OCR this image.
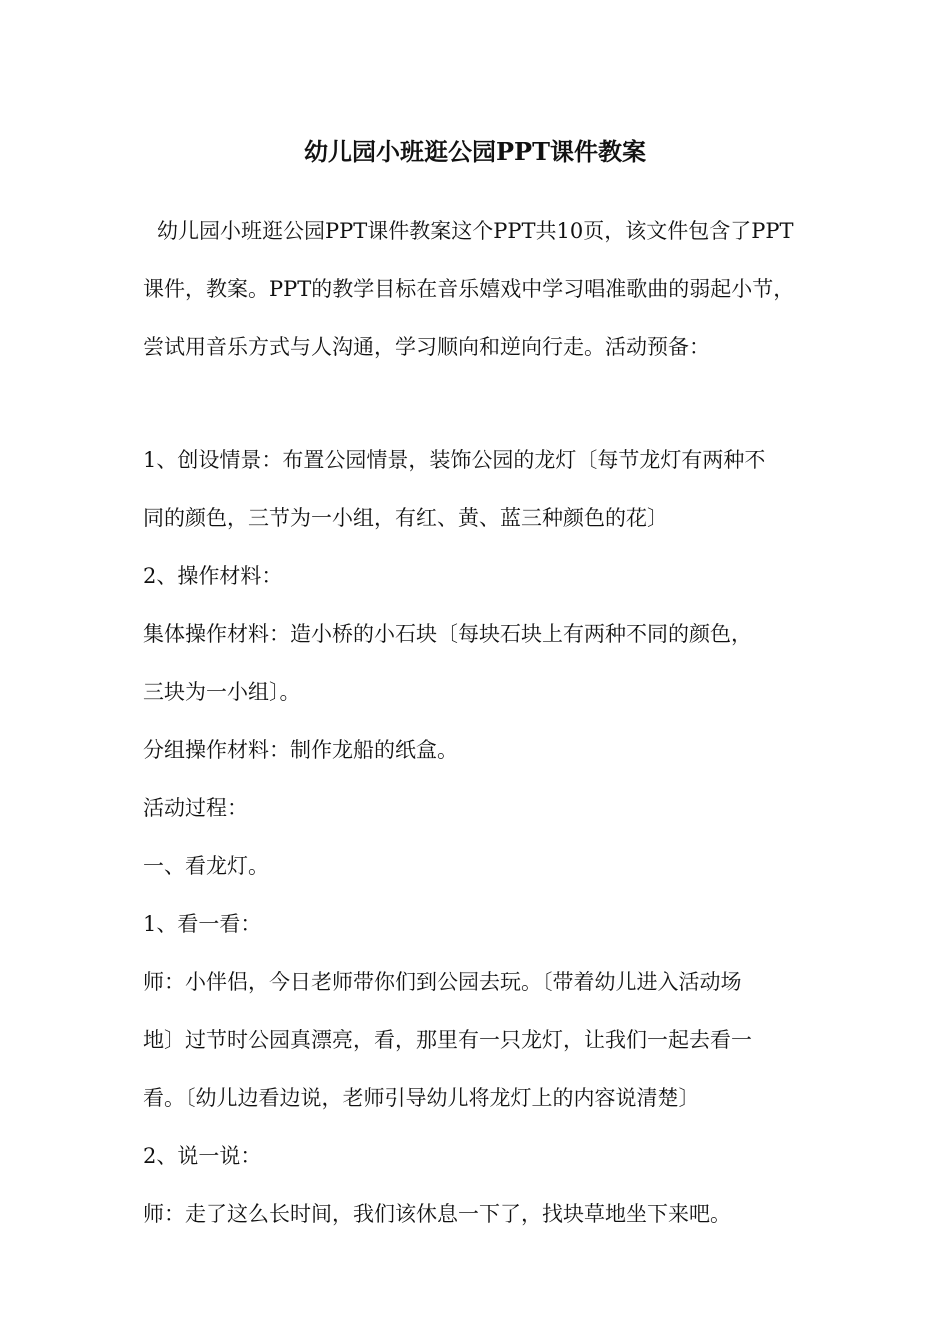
幼儿园小班逛公园PPT课件教案

幼儿园小班逛公园PPT课件教案这个PPT共10页，该文件包含了PPT课件，教案。PPT的教学目标在音乐嬉戏中学习唱准歌曲的弱起小节，尝试用音乐方式与人沟通，学习顺向和逆向行走。活动预备：

1、创设情景：布置公园情景，装饰公园的龙灯〔每节龙灯有两种不

同的颜色，三节为一小组，有红、黄、蓝三种颜色的花〕

2、操作材料：

集体操作材料：造小桥的小石块〔每块石块上有两种不同的颜色，

三块为一小组〕。

分组操作材料：制作龙船的纸盒。

活动过程：

一、看龙灯。

1、看一看：

师：小伴侣，今日老师带你们到公园去玩。〔带着幼儿进入活动场

地〕过节时公园真漂亮，看，那里有一只龙灯，让我们一起去看一

看。〔幼儿边看边说，老师引导幼儿将龙灯上的内容说清楚〕

2、说一说：

师：走了这么长时间，我们该休息一下了，找块草地坐下来吧。
